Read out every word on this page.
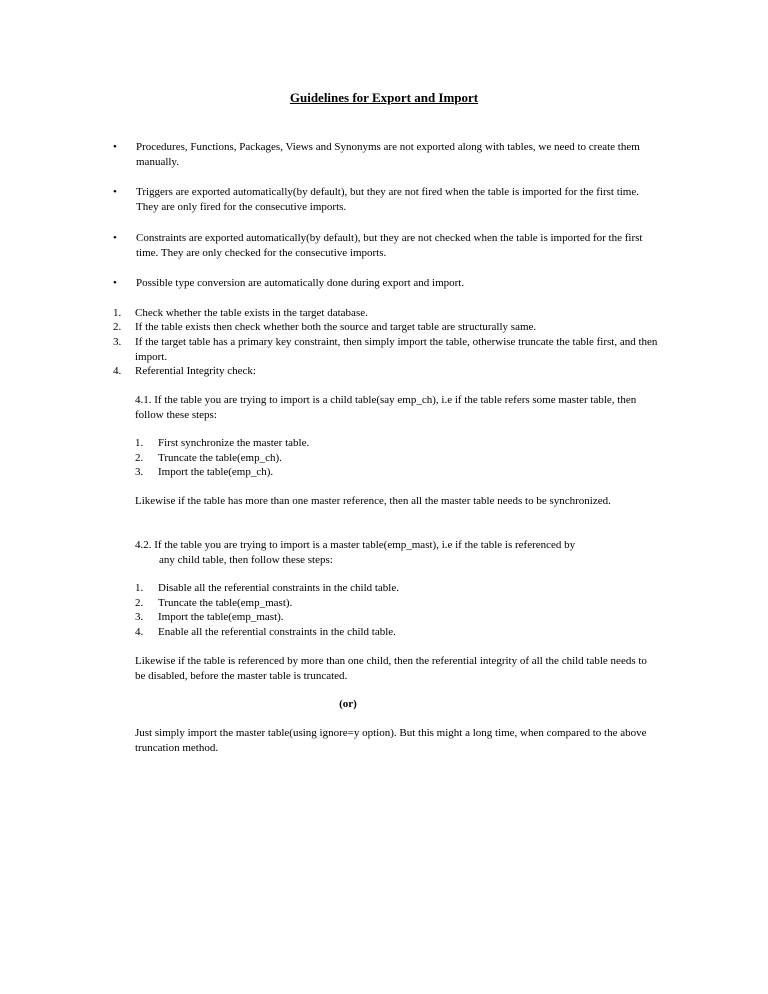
Guidelines for Export and Import
• Procedures, Functions, Packages, Views and Synonyms are not exported along with tables, we need to create them manually.
• Triggers are exported automatically(by default), but they are not fired when the table is imported for the first time. They are only fired for the consecutive imports.
• Constraints are exported automatically(by default), but they are not checked when the table is imported for the first time. They are only checked for the consecutive imports.
• Possible type conversion are automatically done during export and import.
1. Check whether the table exists in the target database.
2. If the table exists then check whether both the source and target table are structurally same.
3. If the target table has a primary key constraint, then simply import the table, otherwise truncate the table first, and then import.
4. Referential Integrity check:
4.1. If the table you are trying to import is a child table(say emp_ch), i.e if the table refers some master table, then follow these steps:
1. First synchronize the master table.
2. Truncate the table(emp_ch).
3. Import the table(emp_ch).
Likewise if the table has more than one master reference, then all the master table needs to be synchronized.
4.2. If the table you are trying to import is a master table(emp_mast), i.e if the table is referenced by
any child table, then follow these steps:
1. Disable all the referential constraints in the child table.
2. Truncate the table(emp_mast).
3. Import the table(emp_mast).
4. Enable all the referential constraints in the child table.
Likewise if the table is referenced by more than one child, then the referential integrity of all the child table needs to be disabled, before the master table is truncated.
(or)
Just simply import the master table(using ignore=y option). But this might a long time, when compared to the above truncation method.
